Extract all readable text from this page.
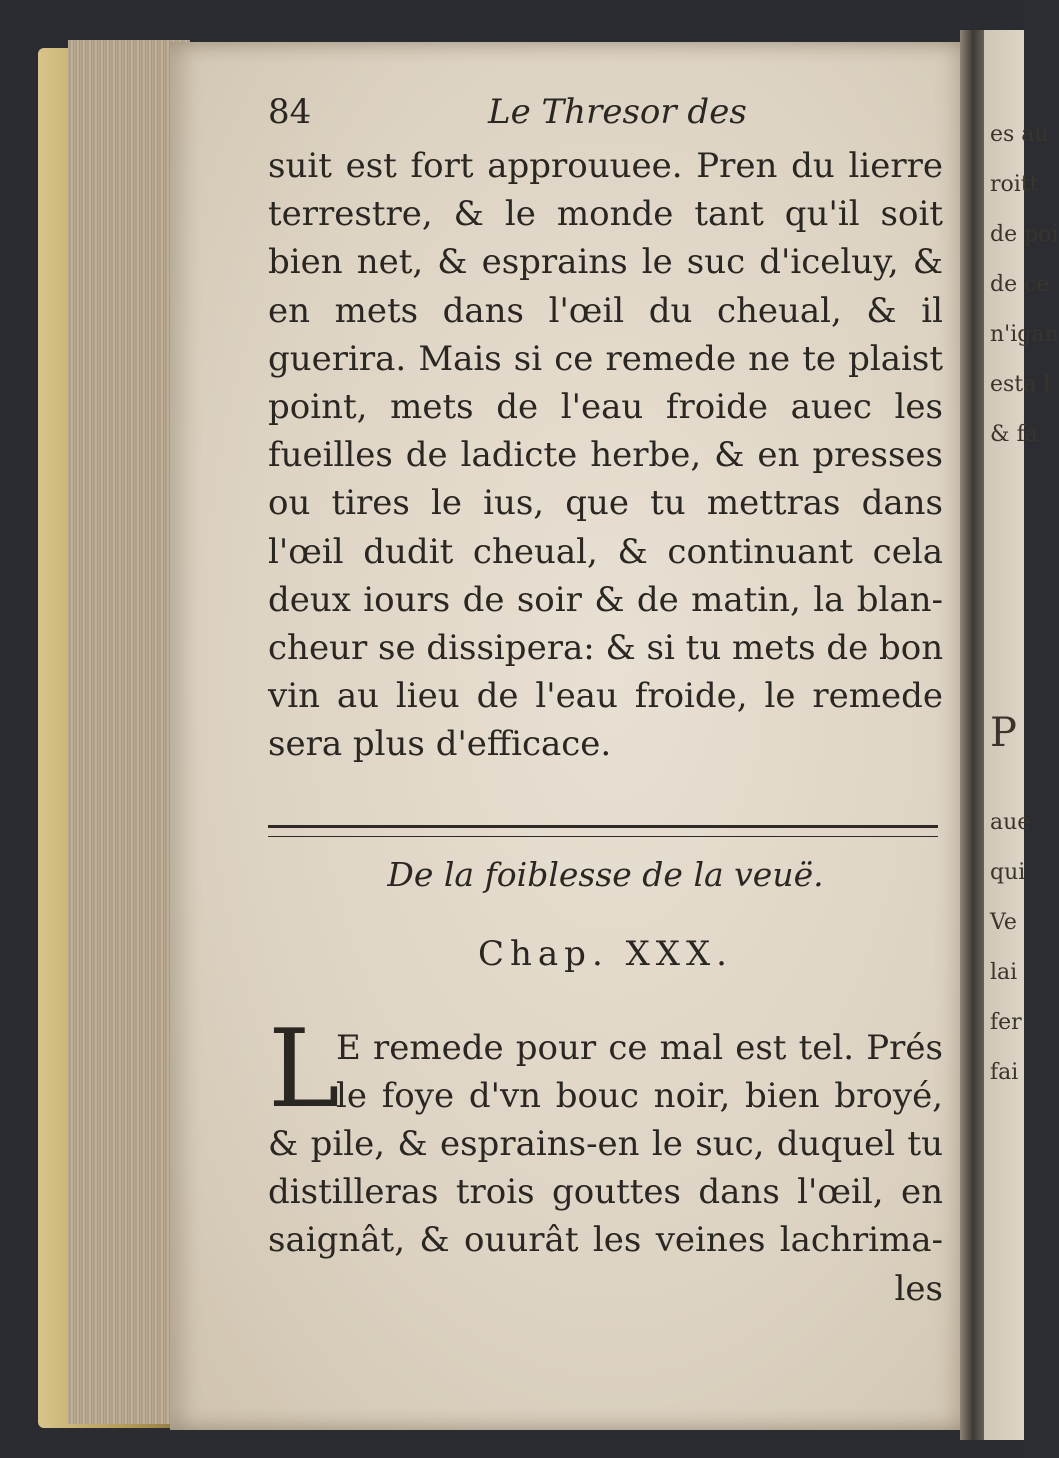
es au
roitt
de poi
de ce
n'igan
esta l
& fa
P
aue
qui
Ve
lai
fer
fai
84	Le Thresor des

suit est fort approuuee. Pren du lierre
terrestre, & le monde tant qu'il soit
bien net, & esprains le suc d'iceluy, &
en mets dans l'œil du cheual, & il
guerira. Mais si ce remede ne te plaist
point, mets de l'eau froide auec les
fueilles de ladicte herbe, & en presses
ou tires le ius, que tu mettras dans
l'œil dudit cheual, & continuant cela
deux iours de soir & de matin, la blan-
cheur se dissipera: & si tu mets de bon
vin au lieu de l'eau froide, le remede
sera plus d'efficace.

De la foiblesse de la veuë.
Chap. XXX.
L

E remede pour ce mal est tel. Prés
le foye d'vn bouc noir, bien broyé,
& pile, & esprains-en le suc, duquel tu
distilleras trois gouttes dans l'œil, en
saignât, & ouurât les veines lachrima-
les
